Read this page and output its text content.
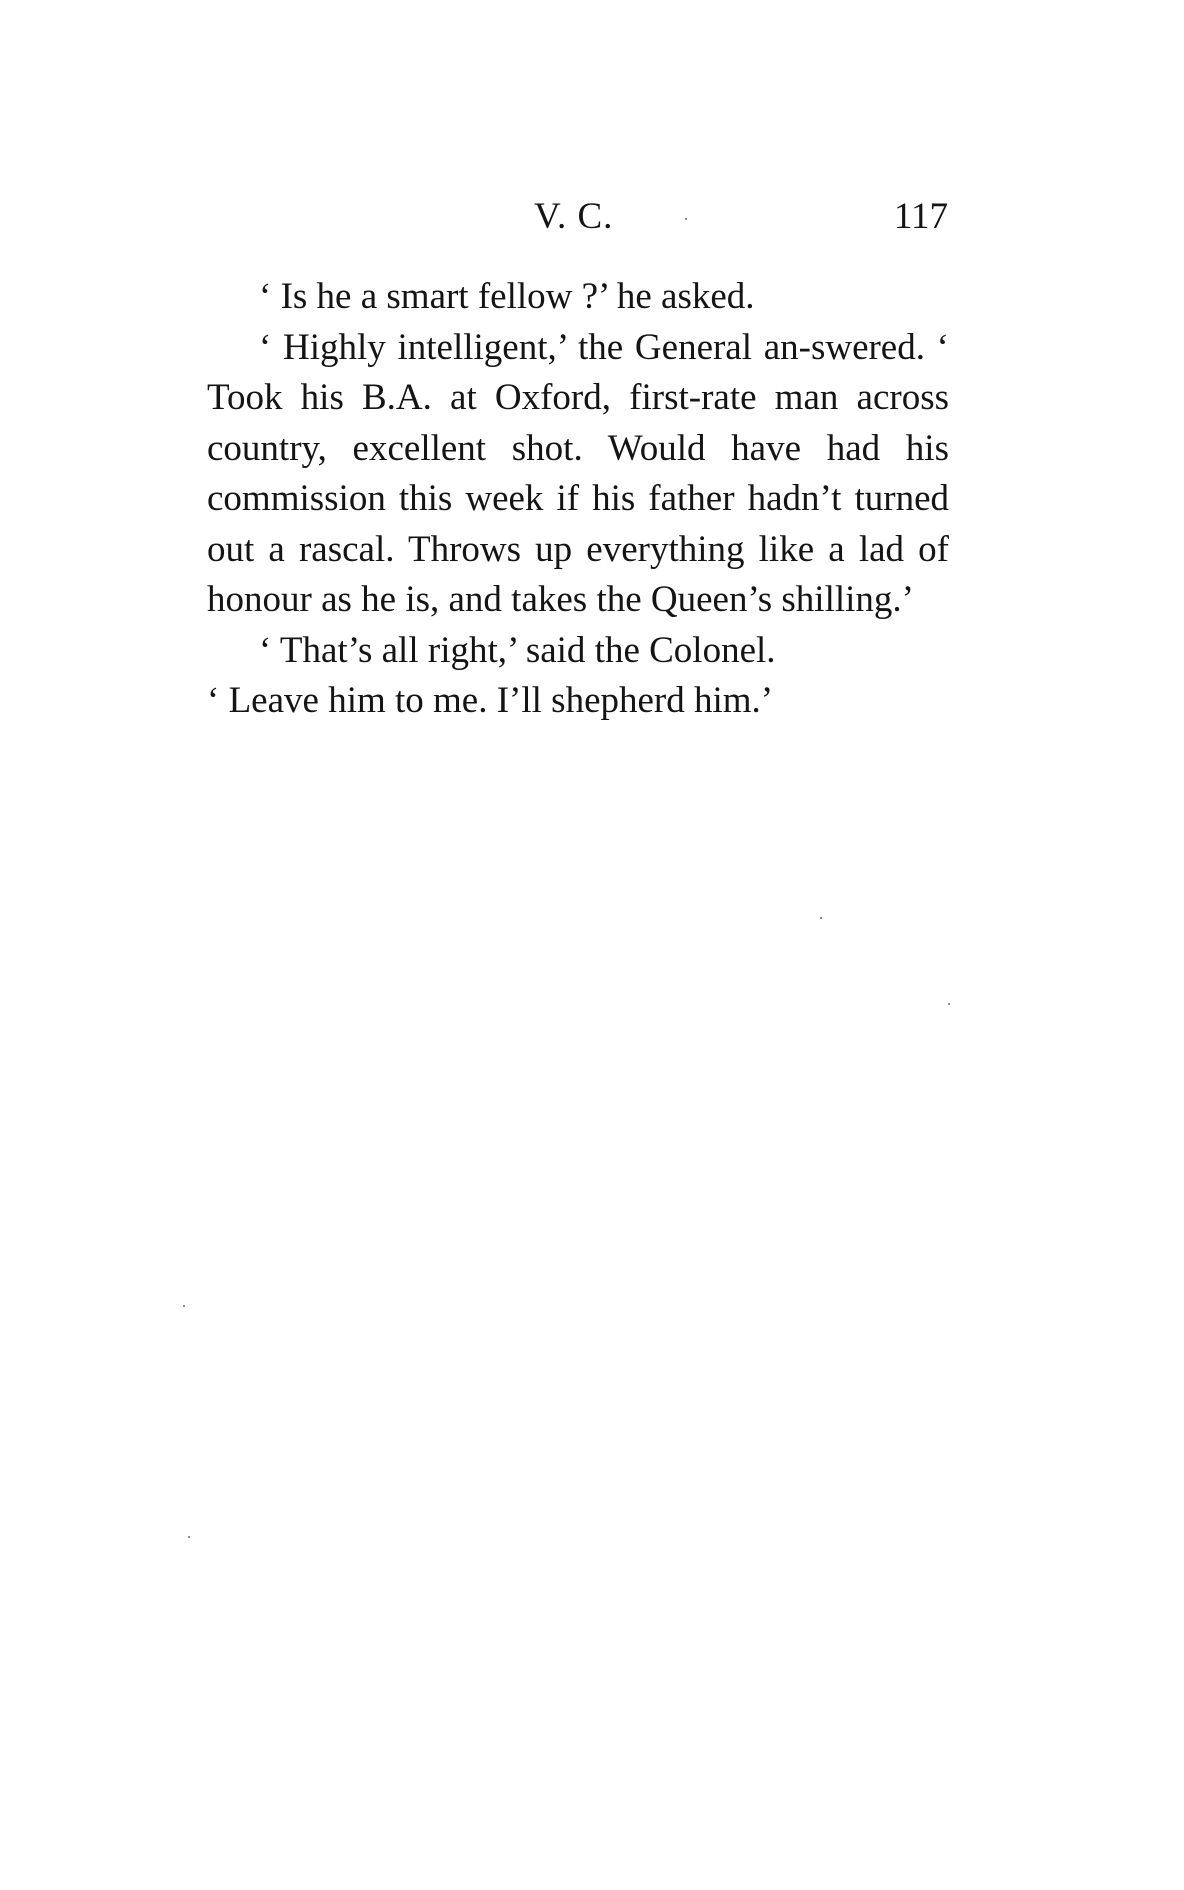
V. C.	117

‘ Is he a smart fellow ?’ he asked.

‘ Highly intelligent,’ the General an-swered. ‘ Took his B.A. at Oxford, first-rate man across country, excellent shot. Would have had his commission this week if his father hadn’t turned out a rascal. Throws up everything like a lad of honour as he is, and takes the Queen’s shilling.’

‘ That’s all right,’ said the Colonel.

‘ Leave him to me. I’ll shepherd him.’
